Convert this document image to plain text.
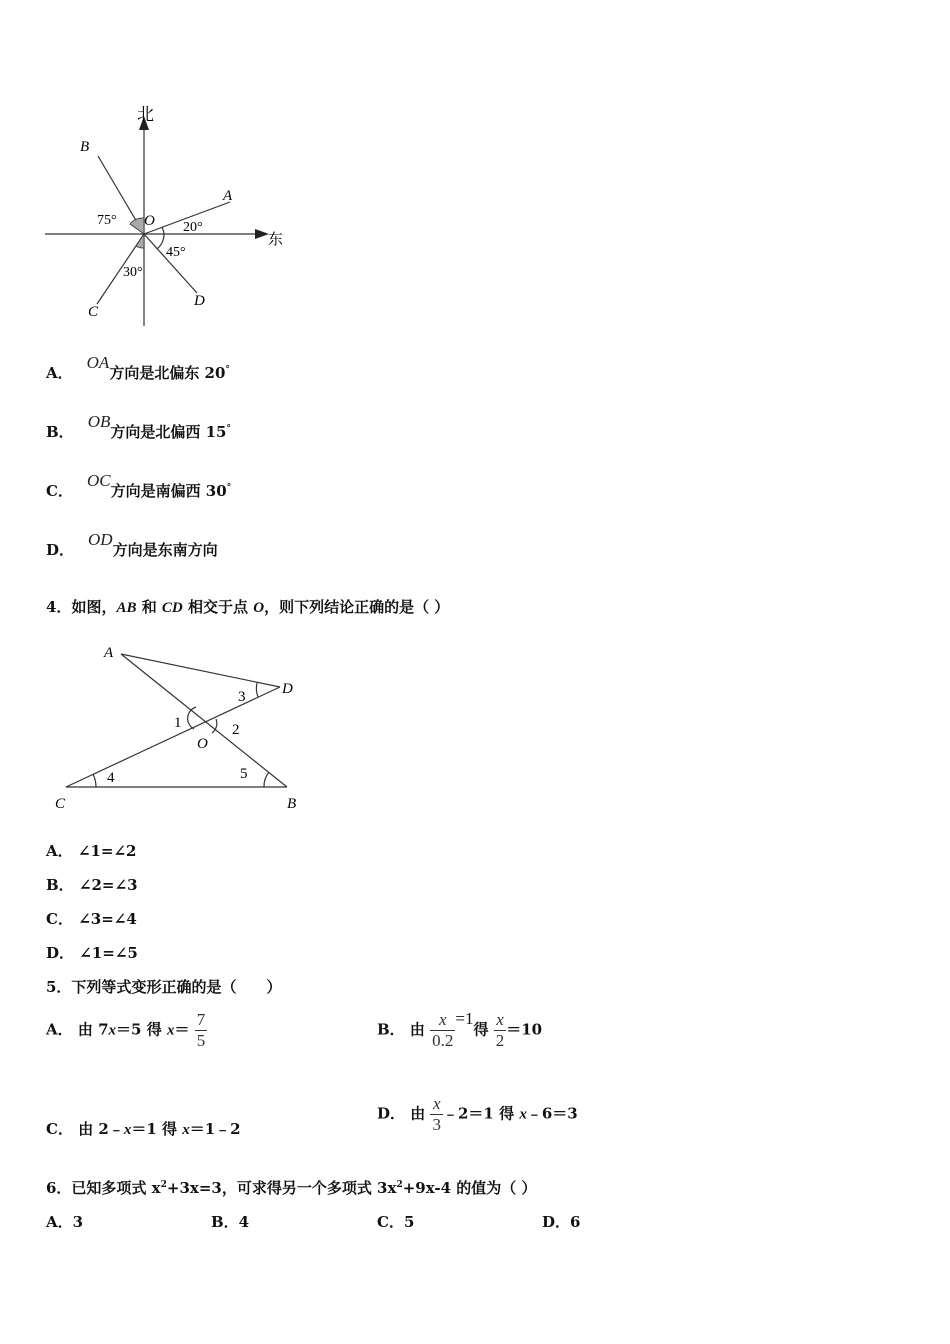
北
东
B
A
O
C
D
75°	20°
45°
30°
A．OA方向是北偏东 20°
B．OB方向是北偏西 15°
C．OC方向是南偏西 30°
D．OD方向是东南方向
4．如图，AB 和 CD 相交于点 O，则下列结论正确的是（ ）
A
D
O
C	B
1	2
3
4	5
A． ∠1=∠2
B． ∠2=∠3
C． ∠3=∠4
D． ∠1=∠5
5．下列等式变形正确的是（　　）
A． 由 7x＝5 得 $x= \frac{7}{5}$	B． 由 $\frac{x}{0.2} =1$得 $\frac{x}{2} =10$
C． 由 2﹣x＝1 得 x＝1﹣2
D． 由 $\frac{x}{3}$ ﹣2＝1 得 x﹣6＝3
6．已知多项式 $x^2+3x=3$，可求得另一个多项式 $3x^2+9x-4$ 的值为（ ）
A．3	B．4	C．5	D．6
